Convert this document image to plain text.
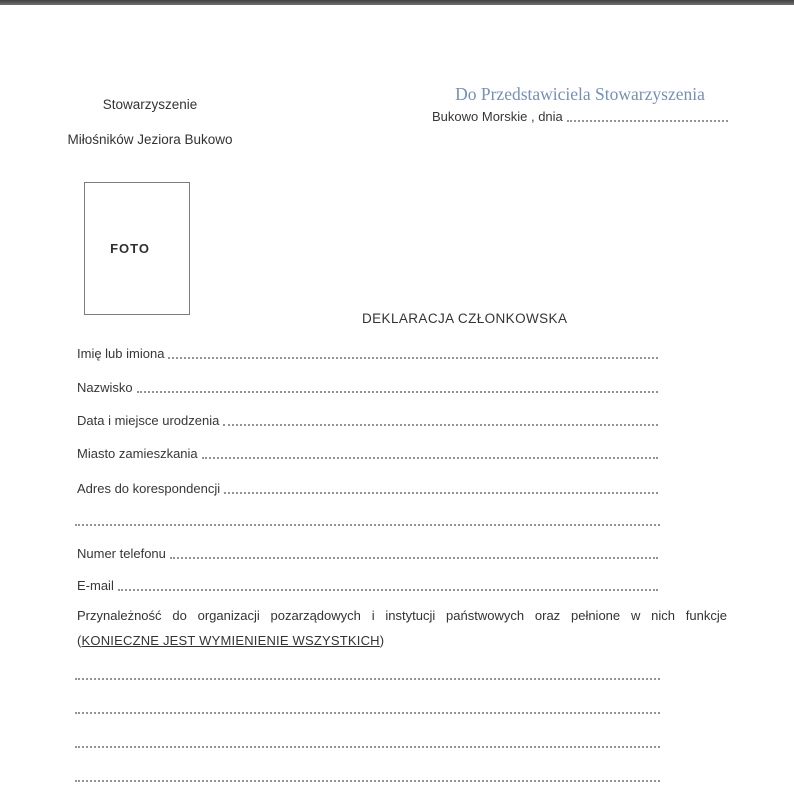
Stowarzyszenie
Miłośników Jeziora Bukowo
Do Przedstawiciela Stowarzyszenia
Bukowo Morskie , dnia
FOTO
DEKLARACJA CZŁONKOWSKA
Imię lub imiona
Nazwisko
Data i miejsce urodzenia
Miasto zamieszkania
Adres do korespondencji
Numer telefonu
E-mail
Przynależność do organizacji pozarządowych i instytucji państwowych oraz pełnione w nich funkcje
(KONIECZNE JEST WYMIENIENIE WSZYSTKICH)
